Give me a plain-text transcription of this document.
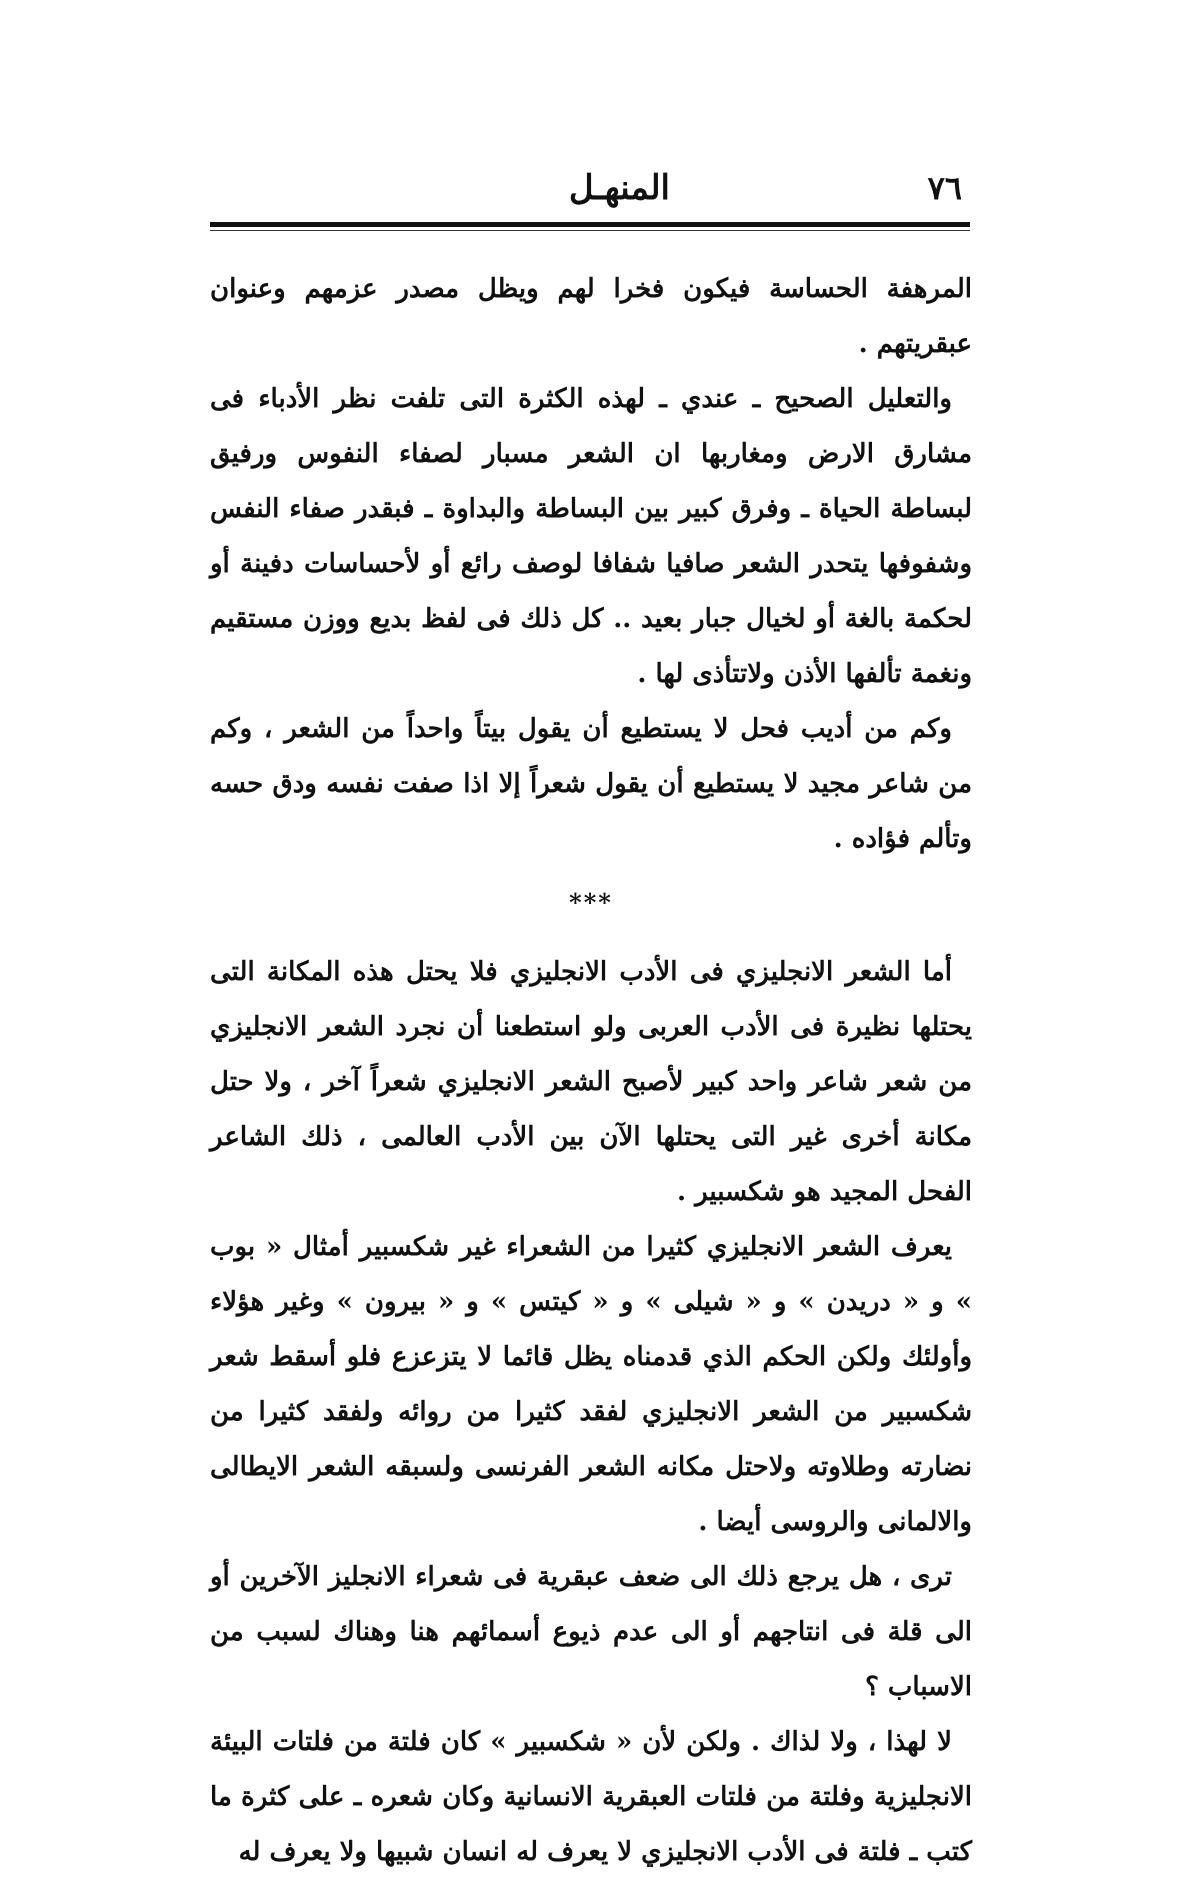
٧٦
المنهـل

المرهفة الحساسة فيكون فخرا لهم ويظل مصدر عزمهم وعنوان عبقريتهم .

والتعليل الصحيح ـ عندي ـ لهذه الكثرة التى تلفت نظر الأدباء فى مشارق الارض ومغاربها ان الشعر مسبار لصفاء النفوس ورفيق لبساطة الحياة ـ وفرق كبير بين البساطة والبداوة ـ فبقدر صفاء النفس وشفوفها يتحدر الشعر صافيا شفافا لوصف رائع أو لأحساسات دفينة أو لحكمة بالغة أو لخيال جبار بعيد .. كل ذلك فى لفظ بديع ووزن مستقيم ونغمة تألفها الأذن ولاتتأذى لها .

وكم من أديب فحل لا يستطيع أن يقول بيتاً واحداً من الشعر ، وكم من شاعر مجيد لا يستطيع أن يقول شعراً إلا اذا صفت نفسه ودق حسه وتألم فؤاده .

***

أما الشعر الانجليزي فى الأدب الانجليزي فلا يحتل هذه المكانة التى يحتلها نظيرة فى الأدب العربى ولو استطعنا أن نجرد الشعر الانجليزي من شعر شاعر واحد كبير لأصبح الشعر الانجليزي شعراً آخر ، ولا حتل مكانة أخرى غير التى يحتلها الآن بين الأدب العالمى ، ذلك الشاعر الفحل المجيد هو شكسبير .

يعرف الشعر الانجليزي كثيرا من الشعراء غير شكسبير أمثال « بوب » و « دريدن » و « شيلى » و « كيتس » و « بيرون » وغير هؤلاء وأولئك ولكن الحكم الذي قدمناه يظل قائما لا يتزعزع فلو أسقط شعر شكسبير من الشعر الانجليزي لفقد كثيرا من روائه ولفقد كثيرا من نضارته وطلاوته ولاحتل مكانه الشعر الفرنسى ولسبقه الشعر الايطالى والالمانى والروسى أيضا .

ترى ، هل يرجع ذلك الى ضعف عبقرية فى شعراء الانجليز الآخرين أو الى قلة فى انتاجهم أو الى عدم ذيوع أسمائهم هنا وهناك لسبب من الاسباب ؟

لا لهذا ، ولا لذاك . ولكن لأن « شكسبير » كان فلتة من فلتات البيئة الانجليزية وفلتة من فلتات العبقرية الانسانية وكان شعره ـ على كثرة ما كتب ـ فلتة فى الأدب الانجليزي لا يعرف له انسان شبيها ولا يعرف له
